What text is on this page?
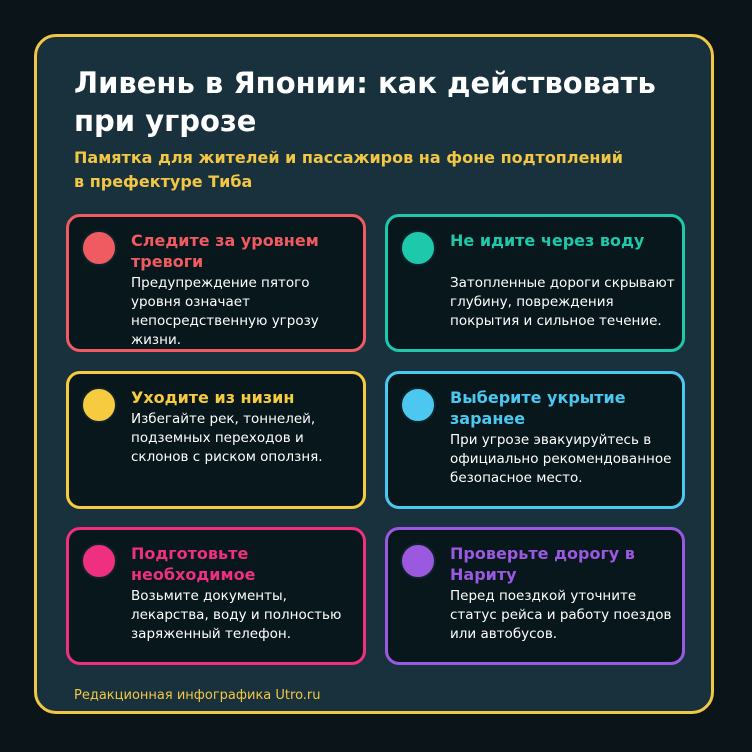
Ливень в Японии: как действовать при угрозе

Памятка для жителей и пассажиров на фоне подтоплений в префектуре Тиба

Следите за уровнем тревоги

Предупреждение пятого уровня означает непосредственную угрозу жизни.

Не идите через воду

Затопленные дороги скрывают глубину, повреждения покрытия и сильное течение.

Уходите из низин

Избегайте рек, тоннелей, подземных переходов и склонов с риском оползня.

Выберите укрытие заранее

При угрозе эвакуируйтесь в официально рекомендованное безопасное место.

Подготовьте необходимое

Возьмите документы, лекарства, воду и полностью заряженный телефон.

Проверьте дорогу в Нариту

Перед поездкой уточните статус рейса и работу поездов или автобусов.

Редакционная инфографика Utro.ru
